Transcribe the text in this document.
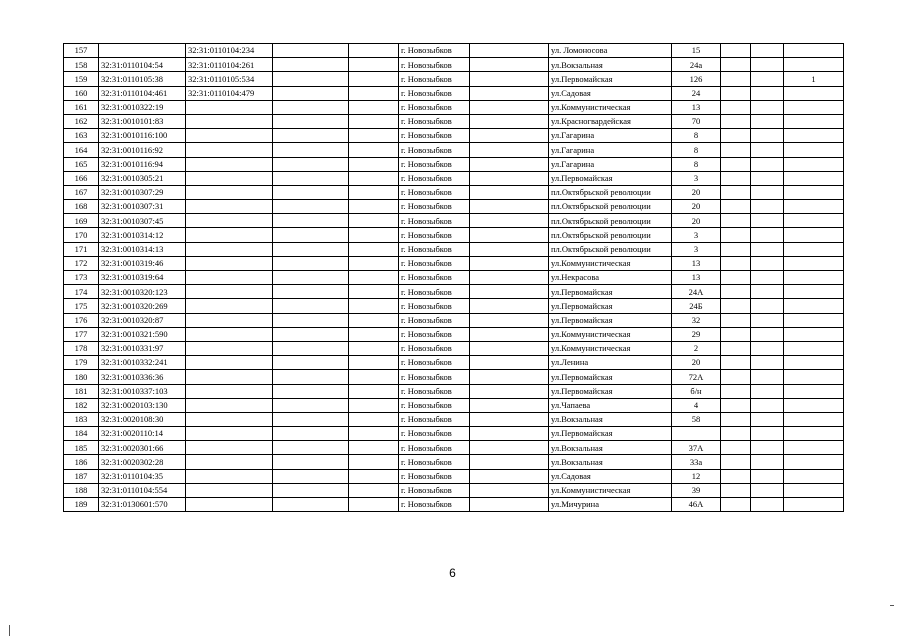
157		32:31:0110104:234			г. Новозыбков		ул. Ломоносова	15			
158	32:31:0110104:54	32:31:0110104:261			г. Новозыбков		ул.Вокзальная	24а			
159	32:31:0110105:38	32:31:0110105:534			г. Новозыбков		ул.Первомайская	126			1
160	32:31:0110104:461	32:31:0110104:479			г. Новозыбков		ул.Садовая	24			
161	32:31:0010322:19				г. Новозыбков		ул.Коммунистическая	13			
162	32:31:0010101:83				г. Новозыбков		ул.Красногвардейская	70			
163	32:31:0010116:100				г. Новозыбков		ул.Гагарина	8			
164	32:31:0010116:92				г. Новозыбков		ул.Гагарина	8			
165	32:31:0010116:94				г. Новозыбков		ул.Гагарина	8			
166	32:31:0010305:21				г. Новозыбков		ул.Первомайская	3			
167	32:31:0010307:29				г. Новозыбков		пл.Октябрьской революции	20			
168	32:31:0010307:31				г. Новозыбков		пл.Октябрьской революции	20			
169	32:31:0010307:45				г. Новозыбков		пл.Октябрьской революции	20			
170	32:31:0010314:12				г. Новозыбков		пл.Октябрьской революции	3			
171	32:31:0010314:13				г. Новозыбков		пл.Октябрьской революции	3			
172	32:31:0010319:46				г. Новозыбков		ул.Коммунистическая	13			
173	32:31:0010319:64				г. Новозыбков		ул.Некрасова	13			
174	32:31:0010320:123				г. Новозыбков		ул.Первомайская	24А			
175	32:31:0010320:269				г. Новозыбков		ул.Первомайская	24Б			
176	32:31:0010320:87				г. Новозыбков		ул.Первомайская	32			
177	32:31:0010321:590				г. Новозыбков		ул.Коммунистическая	29			
178	32:31:0010331:97				г. Новозыбков		ул.Коммунистическая	2			
179	32:31:0010332:241				г. Новозыбков		ул.Ленина	20			
180	32:31:0010336:36				г. Новозыбков		ул.Первомайская	72А			
181	32:31:0010337:103				г. Новозыбков		ул.Первомайская	б/н			
182	32:31:0020103:130				г. Новозыбков		ул.Чапаева	4			
183	32:31:0020108:30				г. Новозыбков		ул.Вокзальная	58			
184	32:31:0020110:14				г. Новозыбков		ул.Первомайская				
185	32:31:0020301:66				г. Новозыбков		ул.Вокзальная	37А			
186	32:31:0020302:28				г. Новозыбков		ул.Вокзальная	33а			
187	32:31:0110104:35				г. Новозыбков		ул.Садовая	12			
188	32:31:0110104:554				г. Новозыбков		ул.Коммунистическая	39			
189	32:31:0130601:570				г. Новозыбков		ул.Мичурина	46А			
6
